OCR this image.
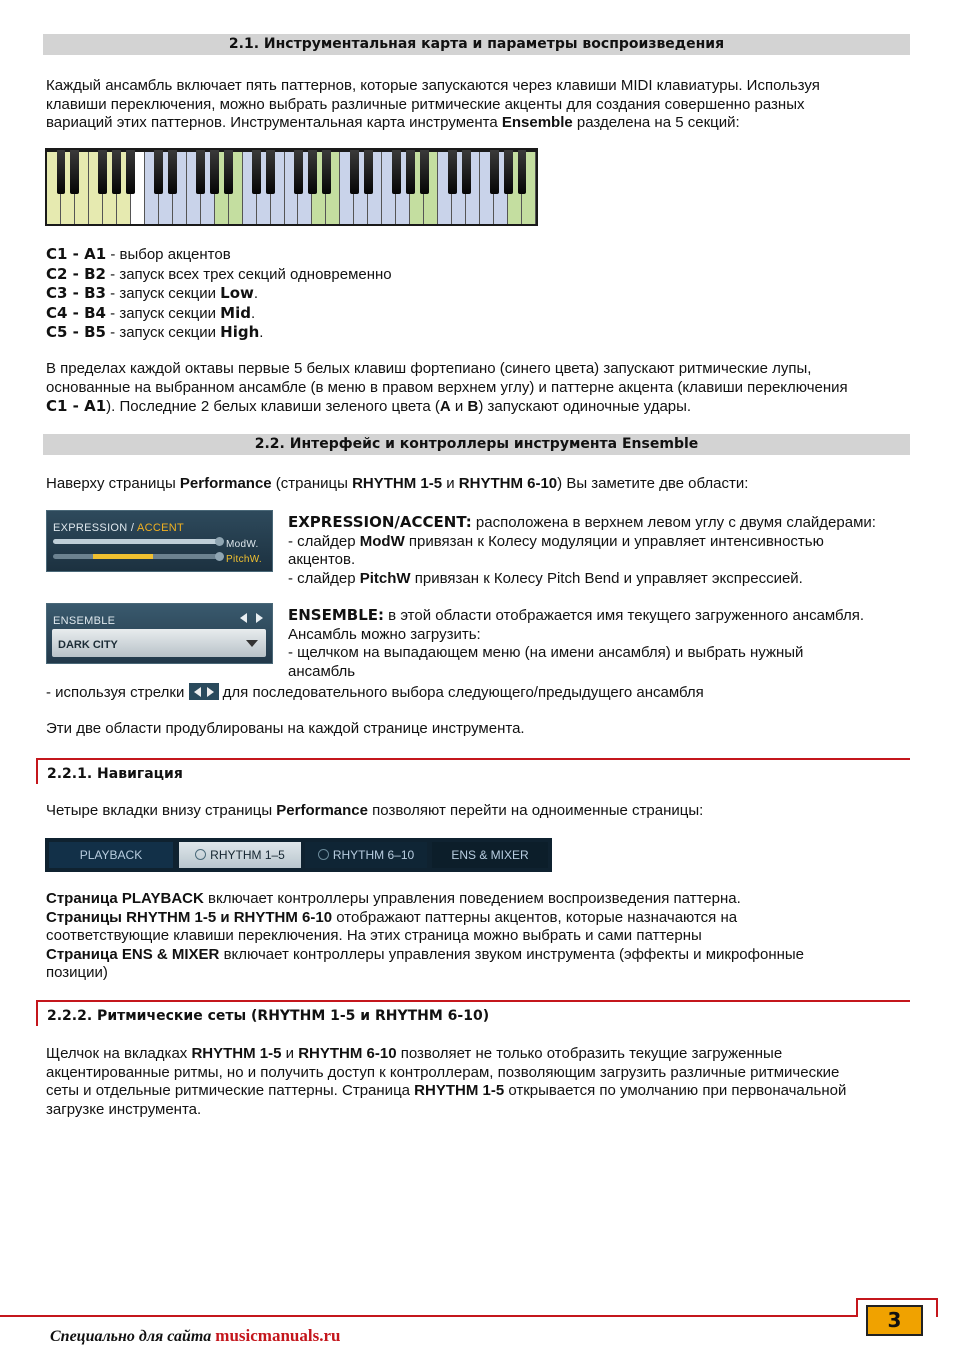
2.1. Инструментальная карта и параметры воспроизведения

Каждый ансамбль включает пять паттернов, которые запускаются через клавиши MIDI клавиатуры. Используя
клавиши переключения, можно выбрать различные ритмические акценты для создания совершенно разных
вариаций этих паттернов. Инструментальная карта инструмента Ensemble разделена на 5 секций:

C1 - A1 - выбор акцентов
C2 - B2 - запуск всех трех секций одновременно
C3 - B3 - запуск секции Low.
C4 - B4 - запуск секции Mid.
C5 - B5 - запуск секции High.

В пределах каждой октавы первые 5 белых клавиш фортепиано (синего цвета) запускают ритмические лупы,
основанные на выбранном ансамбле (в меню в правом верхнем углу) и паттерне акцента (клавиши переключения
C1 - A1). Последние 2 белых клавиши зеленого цвета (A и B) запускают одиночные удары.

2.2. Интерфейс и контроллеры инструмента Ensemble

Наверху страницы Performance (страницы RHYTHM 1-5 и RHYTHM 6-10) Вы заметите две области:

EXPRESSION / ACCENT
ModW.
PitchW.

EXPRESSION/ACCENT: расположена в верхнем левом углу с двумя слайдерами:
- слайдер ModW привязан к Колесу модуляции и управляет интенсивностью
акцентов.
- слайдер PitchW привязан к Колесу Pitch Bend и управляет экспрессией.

ENSEMBLE
DARK CITY

ENSEMBLE: в этой области отображается имя текущего загруженного ансамбля.
Ансамбль можно загрузить:
- щелчком на выпадающем меню (на имени ансамбля) и выбрать нужный
ансамбль

- используя стрелки
для последовательного выбора следующего/предыдущего ансамбля

Эти две области продублированы на каждой странице инструмента.

2.2.1. Навигация

Четыре вкладки внизу страницы Performance позволяют перейти на одноименные страницы:

PLAYBACK	RHYTHM 1–5	RHYTHM 6–10	ENS & MIXER

Страница PLAYBACK включает контроллеры управления поведением воспроизведения паттерна.
Страницы RHYTHM 1-5 и RHYTHM 6-10 отображают паттерны акцентов, которые назначаются на
соответствующие клавиши переключения. На этих страница можно выбрать и сами паттерны
Страница ENS & MIXER включает контроллеры управления звуком инструмента (эффекты и микрофонные
позиции)

2.2.2. Ритмические сеты (RHYTHM 1-5 и RHYTHM 6-10)

Щелчок на вкладках RHYTHM 1-5 и RHYTHM 6-10 позволяет не только отобразить текущие загруженные
акцентированные ритмы, но и получить доступ к контроллерам, позволяющим загрузить различные ритмические
сеты и отдельные ритмические паттерны. Страница RHYTHM 1-5 открывается по умолчанию при первоначальной
загрузке инструмента.

3
Специально для сайта musicmanuals.ru
